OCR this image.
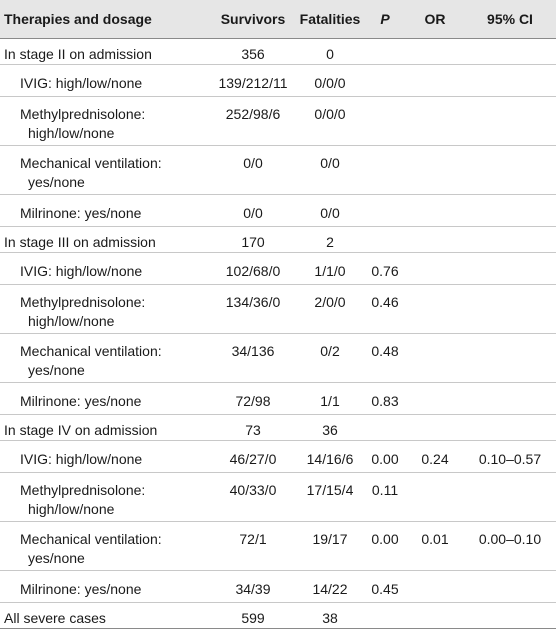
Therapies and dosage	Survivors	Fatalities	P	OR	95% CI
In stage II on admission	356	0			

IVIG: high/low/none	139/212/11	0/0/0			

Methylprednisolone:
high/low/none	252/98/6	0/0/0			

Mechanical ventilation:
yes/none	0/0	0/0			

Milrinone: yes/none	0/0	0/0			
In stage III on admission	170	2			

IVIG: high/low/none	102/68/0	1/1/0	0.76		

Methylprednisolone:
high/low/none	134/36/0	2/0/0	0.46		

Mechanical ventilation:
yes/none	34/136	0/2	0.48		

Milrinone: yes/none	72/98	1/1	0.83		
In stage IV on admission	73	36			

IVIG: high/low/none	46/27/0	14/16/6	0.00	0.24	0.10–0.57

Methylprednisolone:
high/low/none	40/33/0	17/15/4	0.11		

Mechanical ventilation:
yes/none	72/1	19/17	0.00	0.01	0.00–0.10

Milrinone: yes/none	34/39	14/22	0.45		
All severe cases	599	38			
